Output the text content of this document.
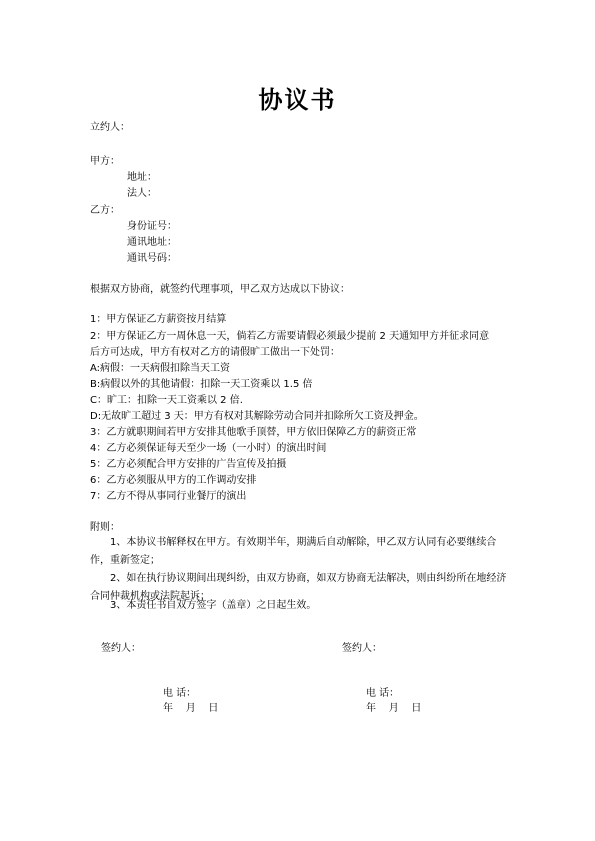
协议书
立约人：
甲方：
地址：
法人：
乙方：
身份证号：
通讯地址：
通讯号码：
根据双方协商，就签约代理事项，甲乙双方达成以下协议：
1：甲方保证乙方薪资按月结算
2：甲方保证乙方一周休息一天，倘若乙方需要请假必须最少提前 2 天通知甲方并征求同意
后方可达成，甲方有权对乙方的请假旷工做出一下处罚：
A:病假：一天病假扣除当天工资
B:病假以外的其他请假：扣除一天工资乘以 1.5 倍
C：旷工：扣除一天工资乘以 2 倍.
D:无故旷工超过 3 天：甲方有权对其解除劳动合同并扣除所欠工资及押金。
3：乙方就职期间若甲方安排其他歌手顶替，甲方依旧保障乙方的薪资正常
4：乙方必须保证每天至少一场（一小时）的演出时间
5：乙方必须配合甲方安排的广告宣传及拍摄
6：乙方必须服从甲方的工作调动安排
7：乙方不得从事同行业餐厅的演出
附则：
1、本协议书解释权在甲方。有效期半年，期满后自动解除，甲乙双方认同有必要继续合作，重新签定；
2、如在执行协议期间出现纠纷，由双方协商，如双方协商无法解决，则由纠纷所在地经济合同仲裁机构或法院起诉；
3、本责任书自双方签字（盖章）之日起生效。
签约人：	签约人：
电 话：	电 话：
年    月    日	年    月    日
